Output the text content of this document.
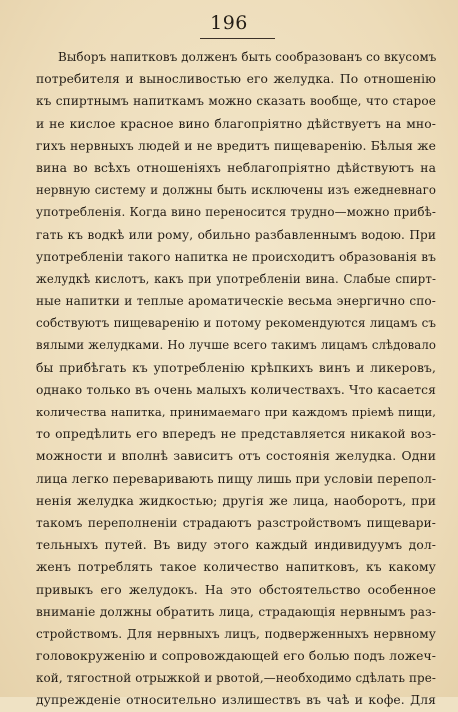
196
Выборъ напитковъ долженъ быть сообразованъ со вкусомъ
потребителя и выносливостью его желудка. По отношенію
къ спиртнымъ напиткамъ можно сказать вообще, что старое
и не кислое красное вино благопріятно дѣйствуетъ на мно-
гихъ нервныхъ людей и не вредитъ пищеваренію. Бѣлыя же
вина во всѣхъ отношеніяхъ неблагопріятно дѣйствуютъ на
нервную систему и должны быть исключены изъ ежедневнаго
употребленія. Когда вино переносится трудно—можно прибѣ-
гать къ водкѣ или рому, обильно разбавленнымъ водою. При
употребленіи такого напитка не происходитъ образованія въ
желудкѣ кислотъ, какъ при употребленіи вина. Слабые спирт-
ные напитки и теплые ароматическіе весьма энергично спо-
собствуютъ пищеваренію и потому рекомендуются лицамъ съ
вялыми желудками. Но лучше всего такимъ лицамъ слѣдовало
бы прибѣгать къ употребленію крѣпкихъ винъ и ликеровъ,
однако только въ очень малыхъ количествахъ. Что касается
количества напитка, принимаемаго при каждомъ пріемѣ пищи,
то опредѣлить его впередъ не представляется никакой воз-
можности и вполнѣ зависитъ отъ состоянія желудка. Одни
лица легко переваривають пищу лишь при условіи перепол-
ненія желудка жидкостью; другія же лица, наоборотъ, при
такомъ переполненіи страдаютъ разстройствомъ пищевари-
тельныхъ путей. Въ виду этого каждый индивидуумъ дол-
женъ потреблять такое количество напитковъ, къ какому
привыкъ его желудокъ. На это обстоятельство особенное
вниманіе должны обратить лица, страдающія нервнымъ раз-
стройствомъ. Для нервныхъ лицъ, подверженныхъ нервному
головокруженію и сопровождающей его болью подъ ложеч-
кой, тягостной отрыжкой и рвотой,—необходимо сдѣлать пре-
дупрежденіе относительно излишествъ въ чаѣ и кофе. Для
